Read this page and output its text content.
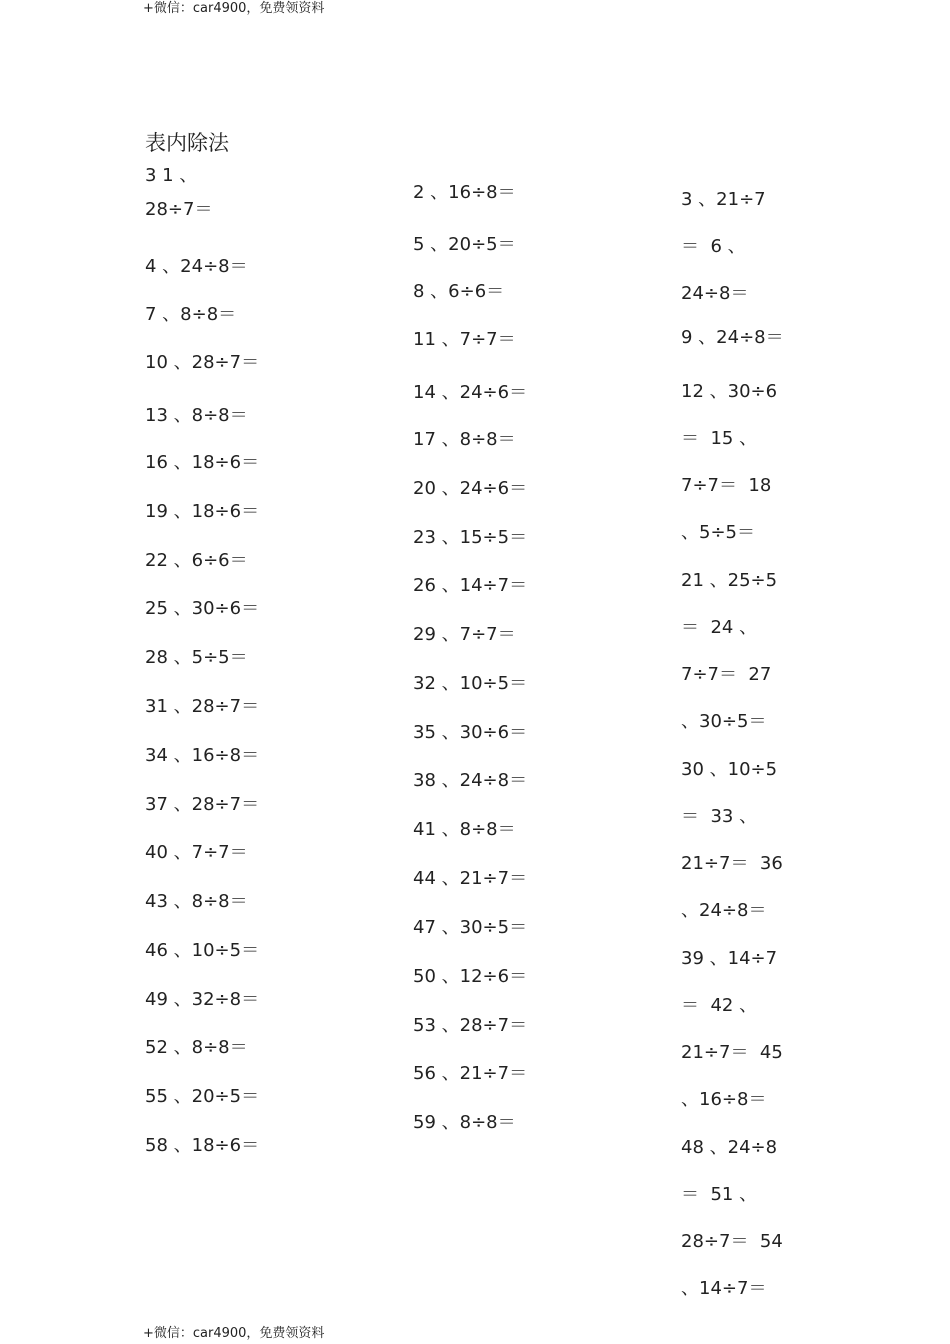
+微信：car4900，免费领资料
表内除法
3 1 、
28÷7＝
4 、24÷8＝
7 、8÷8＝
10 、28÷7＝
13 、8÷8＝
16 、18÷6＝
19 、18÷6＝
22 、6÷6＝
25 、30÷6＝
28 、5÷5＝
31 、28÷7＝
34 、16÷8＝
37 、28÷7＝
40 、7÷7＝
43 、8÷8＝
46 、10÷5＝
49 、32÷8＝
52 、8÷8＝
55 、20÷5＝
58 、18÷6＝
2 、16÷8＝
5 、20÷5＝
8 、6÷6＝
11 、7÷7＝
14 、24÷6＝
17 、8÷8＝
20 、24÷6＝
23 、15÷5＝
26 、14÷7＝
29 、7÷7＝
32 、10÷5＝
35 、30÷6＝
38 、24÷8＝
41 、8÷8＝
44 、21÷7＝
47 、30÷5＝
50 、12÷6＝
53 、28÷7＝
56 、21÷7＝
59 、8÷8＝
3 、21÷7
＝  6 、
24÷8＝
9 、24÷8＝
12 、30÷6
＝  15 、
7÷7＝  18
、5÷5＝
21 、25÷5
＝  24 、
7÷7＝  27
、30÷5＝
30 、10÷5
＝  33 、
21÷7＝  36
、24÷8＝
39 、14÷7
＝  42 、
21÷7＝  45
、16÷8＝
48 、24÷8
＝  51 、
28÷7＝  54
、14÷7＝
+微信：car4900，免费领资料
